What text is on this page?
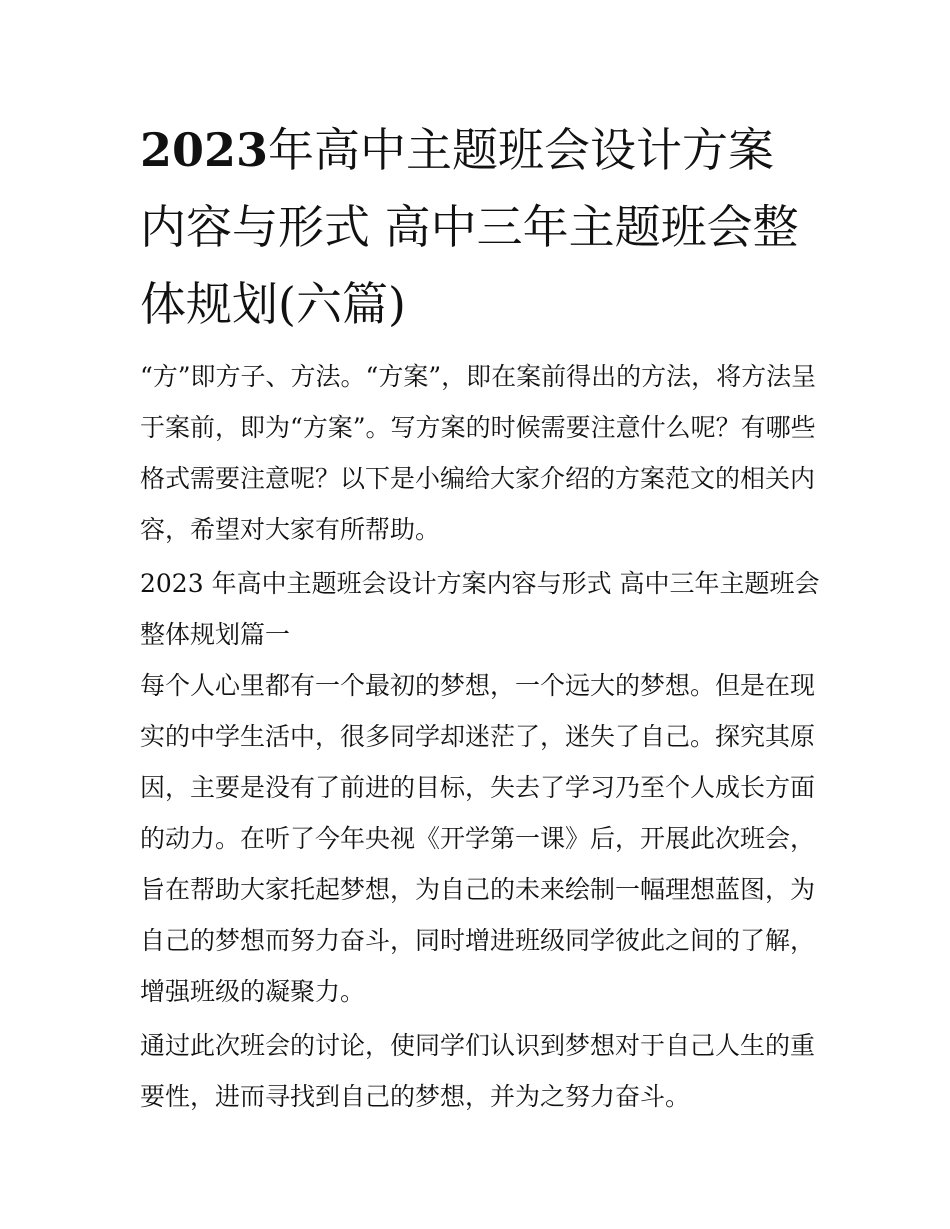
2023年高中主题班会设计方案内容与形式 高中三年主题班会整体规划(六篇)

“方”即方子、方法。“方案”，即在案前得出的方法，将方法呈于案前，即为“方案”。写方案的时候需要注意什么呢？有哪些格式需要注意呢？以下是小编给大家介绍的方案范文的相关内容，希望对大家有所帮助。

2023 年高中主题班会设计方案内容与形式 高中三年主题班会整体规划篇一

每个人心里都有一个最初的梦想，一个远大的梦想。但是在现实的中学生活中，很多同学却迷茫了，迷失了自己。探究其原因，主要是没有了前进的目标，失去了学习乃至个人成长方面的动力。在听了今年央视《开学第一课》后，开展此次班会，旨在帮助大家托起梦想，为自己的未来绘制一幅理想蓝图，为自己的梦想而努力奋斗，同时增进班级同学彼此之间的了解，增强班级的凝聚力。

通过此次班会的讨论，使同学们认识到梦想对于自己人生的重要性，进而寻找到自己的梦想，并为之努力奋斗。
